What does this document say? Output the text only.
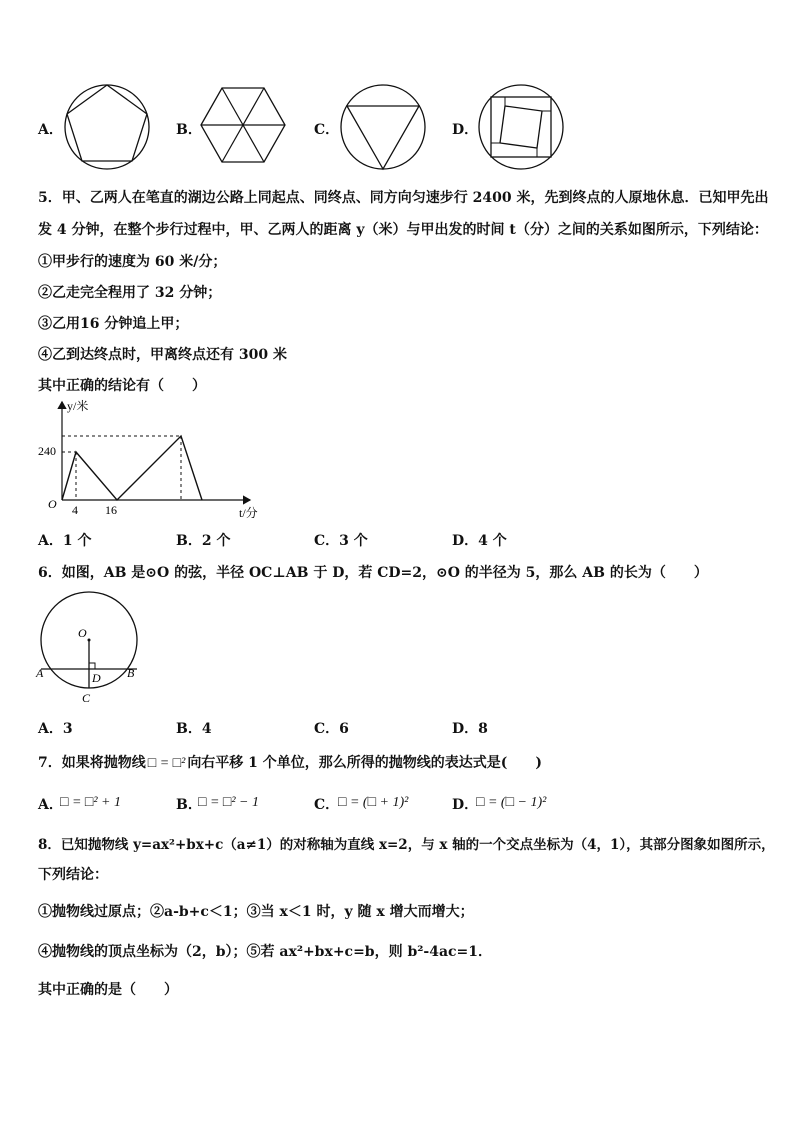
A．	B．	C．	D．
5．甲、乙两人在笔直的湖边公路上同起点、同终点、同方向匀速步行 2400 米，先到终点的人原地休息．已知甲先出
发 4 分钟，在整个步行过程中，甲、乙两人的距离 y（米）与甲出发的时间 t（分）之间的关系如图所示，下列结论：
①甲步行的速度为 60 米/分；
②乙走完全程用了 32 分钟；
③乙用16 分钟追上甲；
④乙到达终点时，甲离终点还有 300 米
其中正确的结论有（　　）
y/米
t/分
O
240
4 16
A．1 个	B．2 个	C．3 个	D．4 个
6．如图，AB 是⊙O 的弦，半径 OC⊥AB 于 D，若 CD=2，⊙O 的半径为 5，那么 AB 的长为（　　）
O
A	B
D
C
A．3	B．4	C．6	D．8
7．如果将抛物线 □ = □² 向右平移 1 个单位，那么所得的抛物线的表达式是(　　)
A．
□ = □² + 1	B．
□ = □² − 1	C．
□ = (□ + 1)²	D．
□ = (□ − 1)²
8．已知抛物线 y=ax²+bx+c（a≠1）的对称轴为直线 x=2，与 x 轴的一个交点坐标为（4，1），其部分图象如图所示，
下列结论：
①抛物线过原点；②a-b+c＜1；③当 x＜1 时，y 随 x 增大而增大；
④抛物线的顶点坐标为（2，b）；⑤若 ax²+bx+c=b，则 b²-4ac=1．
其中正确的是（　　）
